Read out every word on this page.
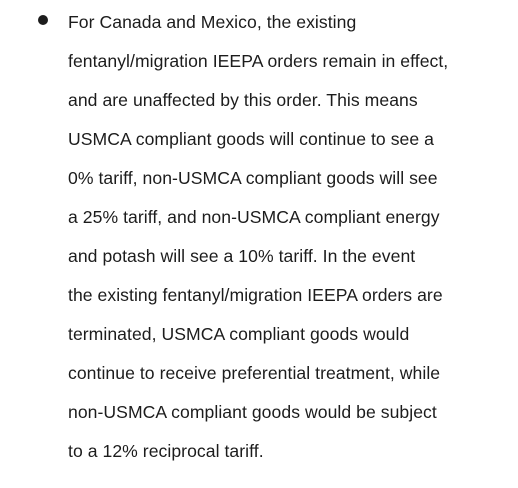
For Canada and Mexico, the existing
fentanyl/migration IEEPA orders remain in effect,
and are unaffected by this order. This means
USMCA compliant goods will continue to see a
0% tariff, non-USMCA compliant goods will see
a 25% tariff, and non-USMCA compliant energy
and potash will see a 10% tariff. In the event
the existing fentanyl/migration IEEPA orders are
terminated, USMCA compliant goods would
continue to receive preferential treatment, while
non-USMCA compliant goods would be subject
to a 12% reciprocal tariff.
